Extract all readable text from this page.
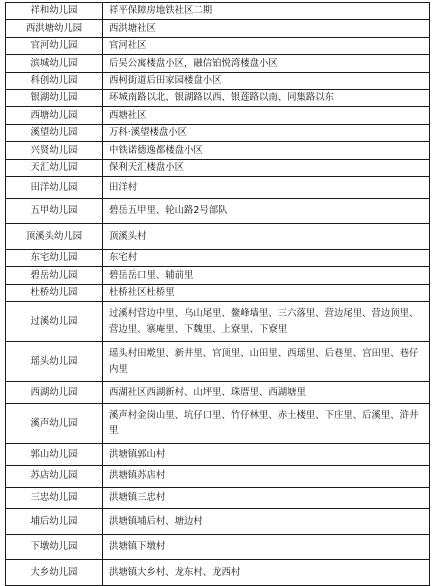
祥和幼儿园	祥平保障房地铁社区二期
西洪塘幼儿园	西洪塘社区
官河幼儿园	官河社区
滨城幼儿园	后吴公寓楼盘小区，融信铂悦湾楼盘小区
科创幼儿园	西柯街道后田家园楼盘小区
银湖幼儿园	环城南路以北、银湖路以西、银莲路以南、同集路以东
西塘幼儿园	西塘社区
溪望幼儿园	万科·溪望楼盘小区
兴贤幼儿园	中铁诺德逸都楼盘小区
天汇幼儿园	保利天汇楼盘小区
田洋幼儿园	田洋村
五甲幼儿园	碧岳五甲里、轮山路2号部队
顶溪头幼儿园	顶溪头村
东宅幼儿园	东宅村
碧岳幼儿园	碧岳岳口里、辅前里
杜桥幼儿园	杜桥社区杜桥里
过溪幼儿园	过溪村营边中里、乌山尾里、鳌峰墙里、三六落里、营边尾里、营边顶里、营边里、寨庵里、下魏里、上寮里、下寮里
瑶头幼儿园	瑶头村田墘里、新井里、官顶里、山田里、西瑶里、后巷里、宫田里、巷仔内里
西湖幼儿园	西湖社区西湖新村、山坪里、珠厝里、西湖塘里
溪声幼儿园	溪声村金岗山里、坑仔口里、竹仔林里、赤土楼里、下庄里、后溪里、浒井里
郭山幼儿园	洪塘镇郭山村
苏店幼儿园	洪塘镇苏店村
三忠幼儿园	洪塘镇三忠村
埔后幼儿园	洪塘镇埔后村、塘边村
下墩幼儿园	洪塘镇下墩村
大乡幼儿园	洪塘镇大乡村、龙东村、龙西村
